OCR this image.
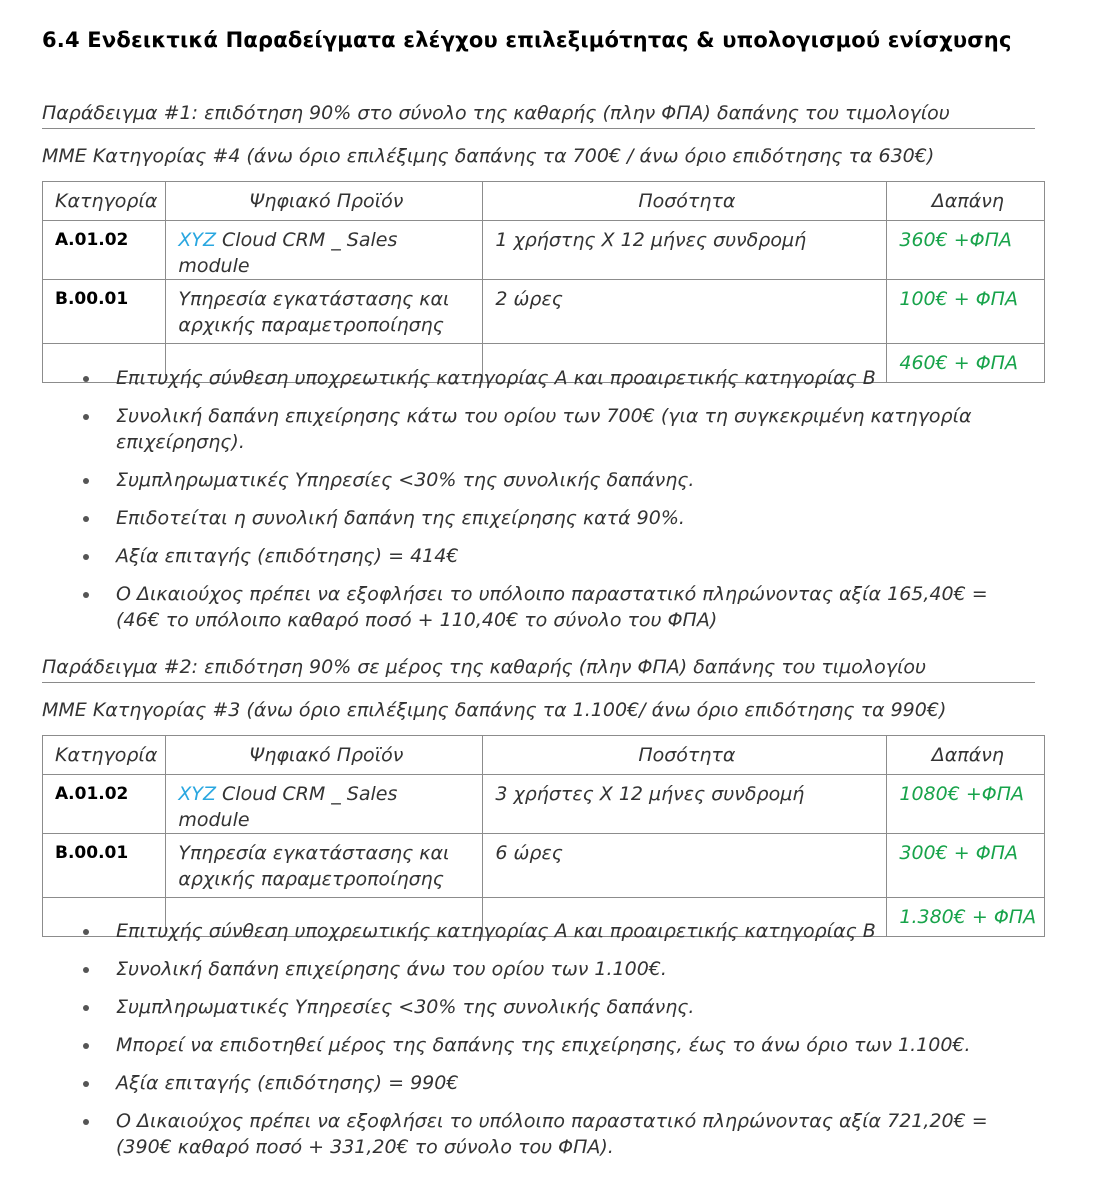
6.4 Ενδεικτικά Παραδείγματα ελέγχου επιλεξιμότητας & υπολογισμού ενίσχυσης
Παράδειγμα #1: επιδότηση 90% στο σύνολο της καθαρής (πλην ΦΠΑ) δαπάνης του τιμολογίου
ΜΜΕ Κατηγορίας #4 (άνω όριο επιλέξιμης δαπάνης τα 700€ / άνω όριο επιδότησης τα 630€)
Κατηγορία	Ψηφιακό Προϊόν	Ποσότητα	Δαπάνη
Α.01.02	XYZ Cloud CRM _ Sales module	1 χρήστης Χ 12 μήνες συνδρομή	360€ +ΦΠΑ
Β.00.01	Υπηρεσία εγκατάστασης και αρχικής παραμετροποίησης	2 ώρες	100€ + ΦΠΑ
			460€ + ΦΠΑ
Επιτυχής σύνθεση υποχρεωτικής κατηγορίας Α και προαιρετικής κατηγορίας Β
Συνολική δαπάνη επιχείρησης κάτω του ορίου των 700€ (για τη συγκεκριμένη κατηγορία επιχείρησης).
Συμπληρωματικές Υπηρεσίες <30% της συνολικής δαπάνης.
Επιδοτείται η συνολική δαπάνη της επιχείρησης κατά 90%.
Αξία επιταγής (επιδότησης) = 414€
Ο Δικαιούχος πρέπει να εξοφλήσει το υπόλοιπο παραστατικό πληρώνοντας αξία 165,40€ = (46€ το υπόλοιπο καθαρό ποσό + 110,40€ το σύνολο του ΦΠΑ)
Παράδειγμα #2: επιδότηση 90% σε μέρος της καθαρής (πλην ΦΠΑ) δαπάνης του τιμολογίου
ΜΜΕ Κατηγορίας #3 (άνω όριο επιλέξιμης δαπάνης τα 1.100€/ άνω όριο επιδότησης τα 990€)
Κατηγορία	Ψηφιακό Προϊόν	Ποσότητα	Δαπάνη
Α.01.02	XYZ Cloud CRM _ Sales module	3 χρήστες Χ 12 μήνες συνδρομή	1080€ +ΦΠΑ
Β.00.01	Υπηρεσία εγκατάστασης και αρχικής παραμετροποίησης	6 ώρες	300€ + ΦΠΑ
			1.380€ + ΦΠΑ
Επιτυχής σύνθεση υποχρεωτικής κατηγορίας Α και προαιρετικής κατηγορίας Β
Συνολική δαπάνη επιχείρησης άνω του ορίου των 1.100€.
Συμπληρωματικές Υπηρεσίες <30% της συνολικής δαπάνης.
Μπορεί να επιδοτηθεί μέρος της δαπάνης της επιχείρησης, έως το άνω όριο των 1.100€.
Αξία επιταγής (επιδότησης) = 990€
Ο Δικαιούχος πρέπει να εξοφλήσει το υπόλοιπο παραστατικό πληρώνοντας αξία 721,20€ = (390€ καθαρό ποσό + 331,20€ το σύνολο του ΦΠΑ).
